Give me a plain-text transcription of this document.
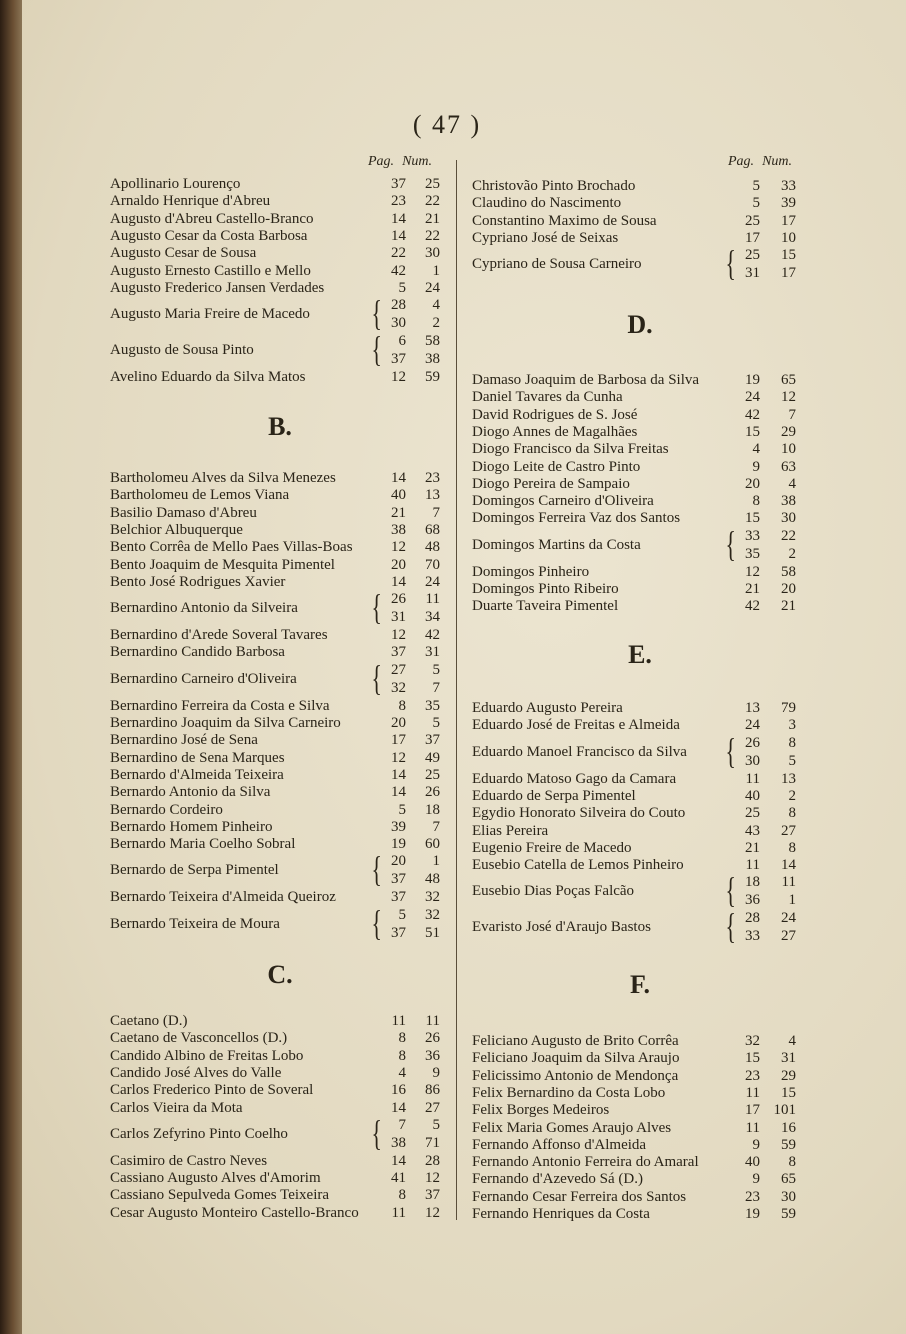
( 47 )
Pag. Num.
Apollinario Lourenço	37	25
Arnaldo Henrique d'Abreu	23	22
Augusto d'Abreu Castello-Branco	14	21
Augusto Cesar da Costa Barbosa	14	22
Augusto Cesar de Sousa	22	30
Augusto Ernesto Castillo e Mello	42	1
Augusto Frederico Jansen Verdades	5	24
Augusto Maria Freire de Macedo { 28	4
30	2
Augusto de Sousa Pinto	{	6	58
37	38
Avelino Eduardo da Silva Matos	12	59
B.
Bartholomeu Alves da Silva Menezes	14	23
Bartholomeu de Lemos Viana	40	13
Basilio Damaso d'Abreu	21	7
Belchior Albuquerque	38	68
Bento Corrêa de Mello Paes Villas-Boas	12	48
Bento Joaquim de Mesquita Pimentel	20	70
Bento José Rodrigues Xavier	14	24
Bernardino Antonio da Silveira { 26	11
31	34
Bernardino d'Arede Soveral Tavares	12	42
Bernardino Candido Barbosa	37	31
Bernardino Carneiro d'Oliveira { 27	5
32	7
Bernardino Ferreira da Costa e Silva	8	35
Bernardino Joaquim da Silva Carneiro	20	5
Bernardino José de Sena	17	37
Bernardino de Sena Marques	12	49
Bernardo d'Almeida Teixeira	14	25
Bernardo Antonio da Silva	14	26
Bernardo Cordeiro	5	18
Bernardo Homem Pinheiro	39	7
Bernardo Maria Coelho Sobral	19	60
Bernardo de Serpa Pimentel	{ 20	1
37	48
Bernardo Teixeira d'Almeida Queiroz	37	32
Bernardo Teixeira de Moura	{	5	32
37	51
C.
Caetano (D.)	11	11
Caetano de Vasconcellos (D.)	8	26
Candido Albino de Freitas Lobo	8	36
Candido José Alves do Valle	4	9
Carlos Frederico Pinto de Soveral	16	86
Carlos Vieira da Mota	14	27
Carlos Zefyrino Pinto Coelho {	7	5
38	71
Casimiro de Castro Neves	14	28
Cassiano Augusto Alves d'Amorim	41	12
Cassiano Sepulveda Gomes Teixeira	8	37
Cesar Augusto Monteiro Castello-Branco	11	12
Pag. Num.
Christovão Pinto Brochado	5	33
Claudino do Nascimento	5	39
Constantino Maximo de Sousa	25	17
Cypriano José de Seixas	17	10
Cypriano de Sousa Carneiro { 25	15
31	17
D.
Damaso Joaquim de Barbosa da Silva	19	65
Daniel Tavares da Cunha	24	12
David Rodrigues de S. José	42	7
Diogo Annes de Magalhães	15	29
Diogo Francisco da Silva Freitas	4	10
Diogo Leite de Castro Pinto	9	63
Diogo Pereira de Sampaio	20	4
Domingos Carneiro d'Oliveira	8	38
Domingos Ferreira Vaz dos Santos	15	30
Domingos Martins da Costa { 33	22
35	2
Domingos Pinheiro	12	58
Domingos Pinto Ribeiro	21	20
Duarte Taveira Pimentel	42	21
E.
Eduardo Augusto Pereira	13	79
Eduardo José de Freitas e Almeida	24	3
Eduardo Manoel Francisco da Silva { 26	8
30	5
Eduardo Matoso Gago da Camara	11	13
Eduardo de Serpa Pimentel	40	2
Egydio Honorato Silveira do Couto	25	8
Elias Pereira	43	27
Eugenio Freire de Macedo	21	8
Eusebio Catella de Lemos Pinheiro	11	14
Eusebio Dias Poças Falcão	{ 18	11
36	1
Evaristo José d'Araujo Bastos { 28	24
33	27
F.
Feliciano Augusto de Brito Corrêa	32	4
Feliciano Joaquim da Silva Araujo	15	31
Felicissimo Antonio de Mendonça	23	29
Felix Bernardino da Costa Lobo	11	15
Felix Borges Medeiros	17 101
Felix Maria Gomes Araujo Alves	11	16
Fernando Affonso d'Almeida	9	59
Fernando Antonio Ferreira do Amaral	40	8
Fernando d'Azevedo Sá (D.)	9	65
Fernando Cesar Ferreira dos Santos	23	30
Fernando Henriques da Costa	19	59
